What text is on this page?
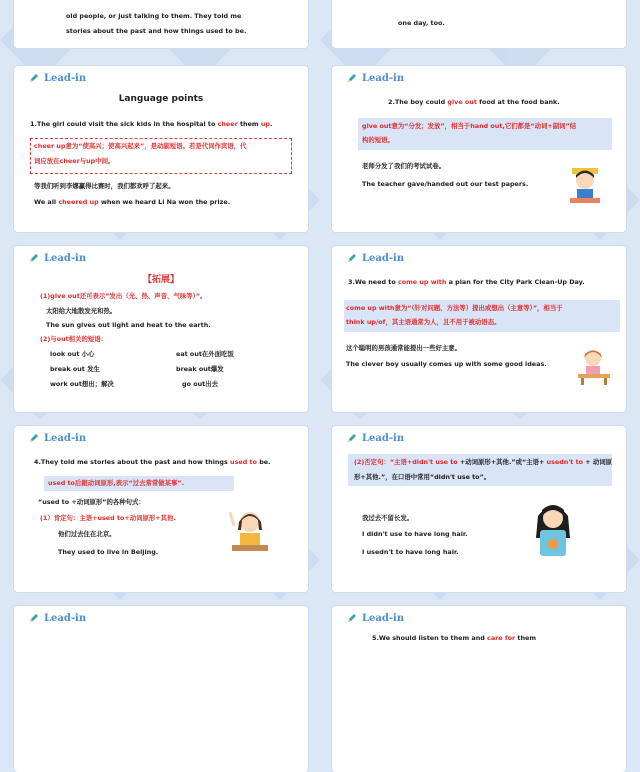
old people, or just talking to them. They told me
stories about the past and how things used to be.
one day, too.
Lead-in
Language points
1.The girl could visit the sick kids in the hospital to cheer them up.
cheer up意为“使高兴；使高兴起来”，是动副短语。若是代词作宾语，代
词应放在cheer与up中间。
等我们听到李娜赢得比赛时，我们都欢呼了起来。
We all cheered up when we heard Li Na won the prize.
Lead-in
2.The boy could give out food at the food bank.
give out意为“分发；发放”，相当于hand out,它们都是“动词+副词”结
构的短语。
老师分发了我们的考试试卷。
The teacher gave/handed out our test papers.
Lead-in
【拓展】
(1)give out还可表示“发出（光、热、声音、气味等）”。
太阳给大地散发光和热。
The sun gives out light and heat to the earth.
(2)与out相关的短语：
look out 小心	eat out在外面吃饭
break out 发生	break out爆发
work out想出；解决	go out出去
Lead-in
3.We need to come up with a plan for the City Park Clean-Up Day.
come up with意为“（针对问题、方法等）提出或想出（主意等）”，相当于
think up/of，其主语通常为人，且不用于被动语态。
这个聪明的男孩通常能提出一些好主意。
The clever boy usually comes up with some good ideas.
Lead-in
4.They told me stories about the past and how things used to be.
used to后跟动词原形,表示“过去常常做某事”.
“used to +动词原形”的各种句式：
(1）肯定句：主语+used to+动词原形+其他.
他们过去住在北京。
They used to live in Beijing.
Lead-in
(2)否定句：“主语+didn't use to +动词原形+其他.”或“主语+ usedn't to + 动词原
形+其他.”，在口语中常用“didn't use to”。
我过去不留长发。
I didn't use to have long hair.
I usedn't to have long hair.
Lead-in	Lead-in
5.We should listen to them and care for them
